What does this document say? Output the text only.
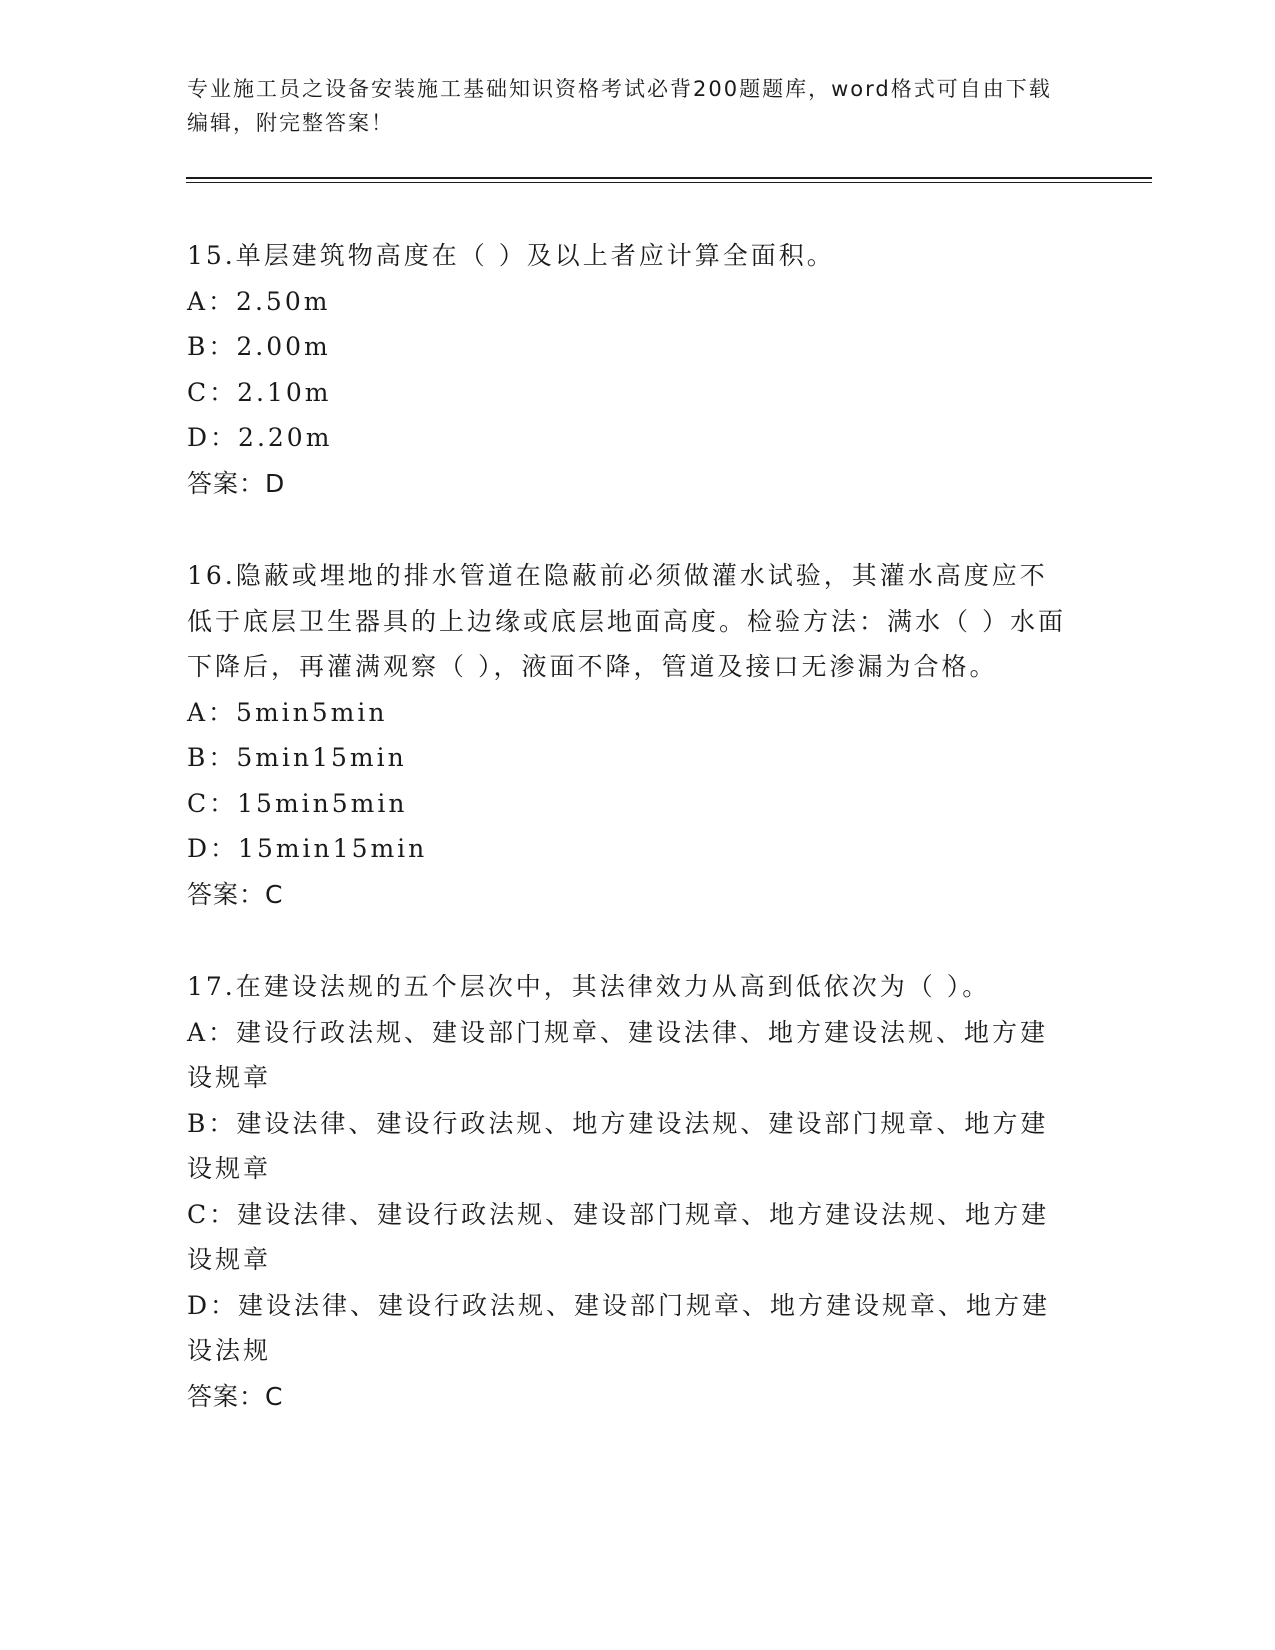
专业施工员之设备安装施工基础知识资格考试必背200题题库，word格式可自由下载编辑，附完整答案！

15.单层建筑物高度在（ ）及以上者应计算全面积。

A：2.50m

B：2.00m

C：2.10m

D：2.20m

答案：D

16.隐蔽或埋地的排水管道在隐蔽前必须做灌水试验，其灌水高度应不低于底层卫生器具的上边缘或底层地面高度。检验方法：满水（ ）水面下降后，再灌满观察（ ），液面不降，管道及接口无渗漏为合格。

A：5min5min

B：5min15min

C：15min5min

D：15min15min

答案：C

17.在建设法规的五个层次中，其法律效力从高到低依次为（ ）。

A：建设行政法规、建设部门规章、建设法律、地方建设法规、地方建设规章

B：建设法律、建设行政法规、地方建设法规、建设部门规章、地方建设规章

C：建设法律、建设行政法规、建设部门规章、地方建设法规、地方建设规章

D：建设法律、建设行政法规、建设部门规章、地方建设规章、地方建设法规

答案：C
